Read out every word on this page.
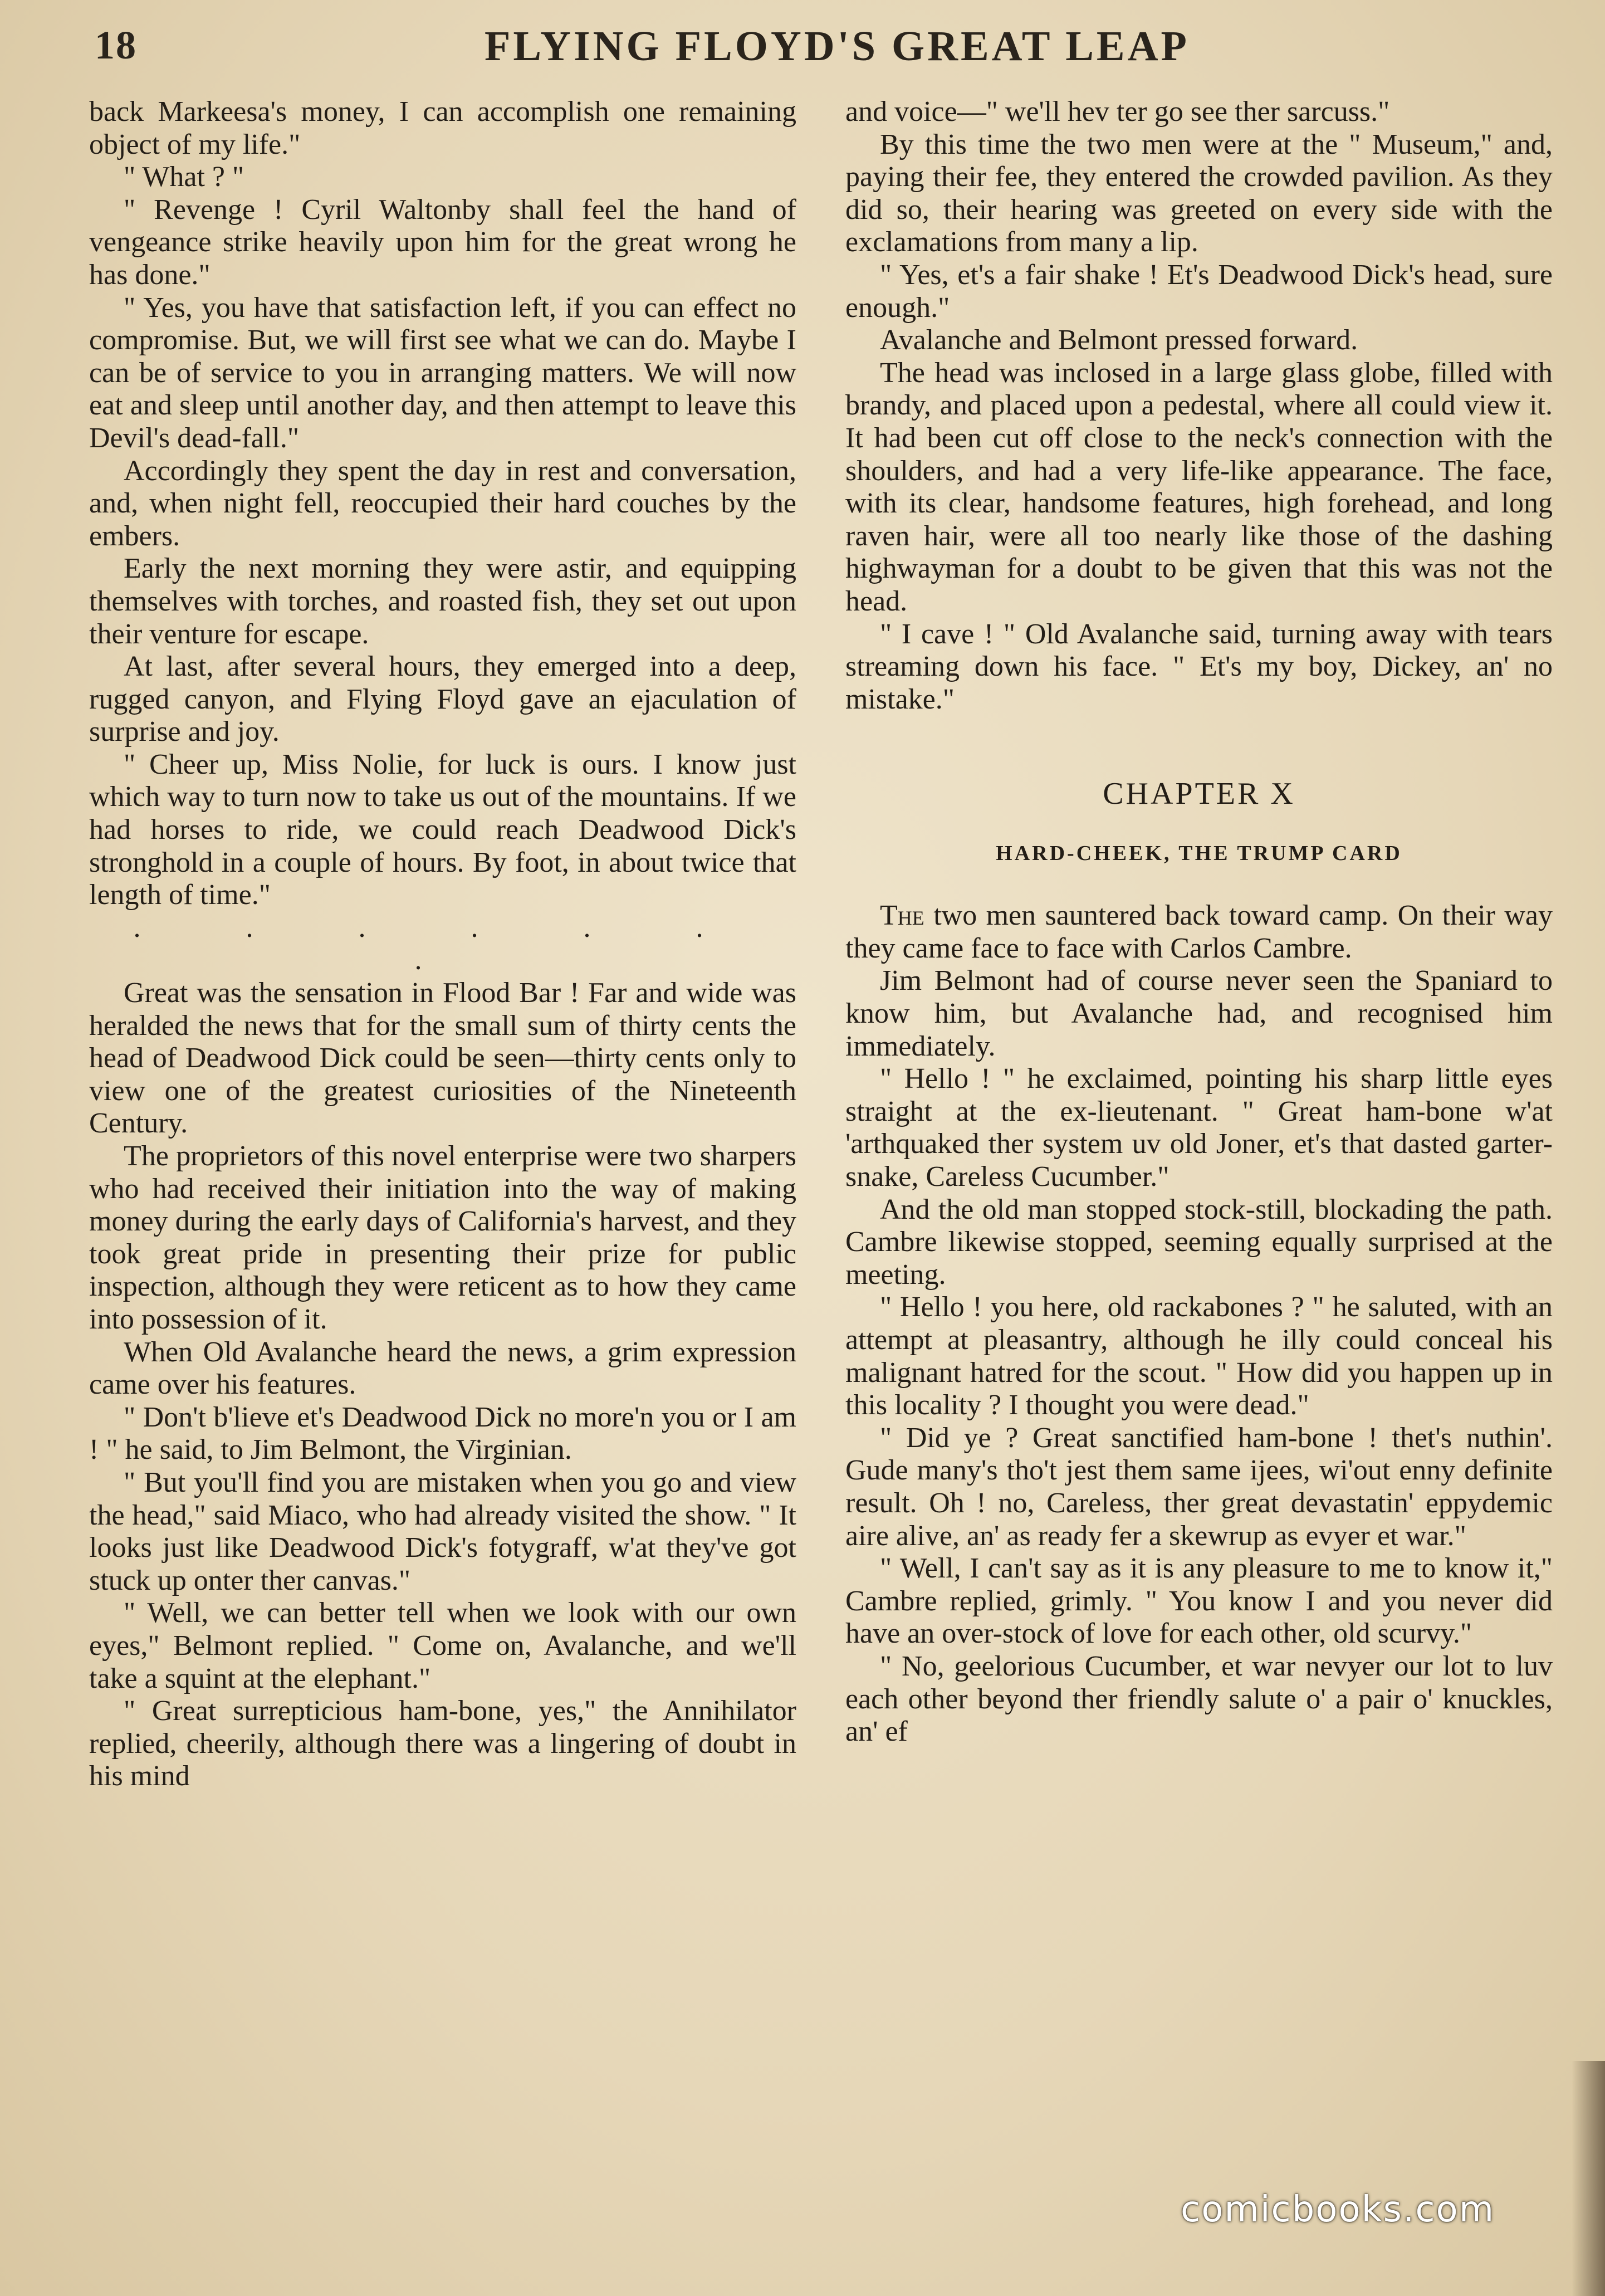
18	FLYING FLOYD'S GREAT LEAP

back Markeesa's money, I can accomplish one remaining object of my life."

" What ? "

" Revenge ! Cyril Waltonby shall feel the hand of vengeance strike heavily upon him for the great wrong he has done."

" Yes, you have that satisfaction left, if you can effect no compromise. But, we will first see what we can do. Maybe I can be of service to you in arranging matters. We will now eat and sleep until another day, and then attempt to leave this Devil's dead-fall."

Accordingly they spent the day in rest and conversation, and, when night fell, reoccupied their hard couches by the embers.

Early the next morning they were astir, and equipping themselves with torches, and roasted fish, they set out upon their venture for escape.

At last, after several hours, they emerged into a deep, rugged canyon, and Flying Floyd gave an ejaculation of surprise and joy.

" Cheer up, Miss Nolie, for luck is ours. I know just which way to turn now to take us out of the mountains. If we had horses to ride, we could reach Deadwood Dick's stronghold in a couple of hours. By foot, in about twice that length of time."

. . . . . . .

Great was the sensation in Flood Bar ! Far and wide was heralded the news that for the small sum of thirty cents the head of Deadwood Dick could be seen—thirty cents only to view one of the greatest curiosities of the Nineteenth Century.

The proprietors of this novel enterprise were two sharpers who had received their initiation into the way of making money during the early days of California's harvest, and they took great pride in presenting their prize for public inspection, although they were reticent as to how they came into possession of it.

When Old Avalanche heard the news, a grim expression came over his features.

" Don't b'lieve et's Deadwood Dick no more'n you or I am ! " he said, to Jim Belmont, the Virginian.

" But you'll find you are mistaken when you go and view the head," said Miaco, who had already visited the show. " It looks just like Deadwood Dick's fotygraff, w'at they've got stuck up onter ther canvas."

" Well, we can better tell when we look with our own eyes," Belmont replied. " Come on, Avalanche, and we'll take a squint at the elephant."

" Great surrepticious ham-bone, yes," the Annihilator replied, cheerily, although there was a lingering of doubt in his mind

and voice—" we'll hev ter go see ther sarcuss."

By this time the two men were at the " Museum," and, paying their fee, they entered the crowded pavilion. As they did so, their hearing was greeted on every side with the exclamations from many a lip.

" Yes, et's a fair shake ! Et's Deadwood Dick's head, sure enough."

Avalanche and Belmont pressed forward.

The head was inclosed in a large glass globe, filled with brandy, and placed upon a pedestal, where all could view it. It had been cut off close to the neck's connection with the shoulders, and had a very life-like appearance. The face, with its clear, handsome features, high forehead, and long raven hair, were all too nearly like those of the dashing highwayman for a doubt to be given that this was not the head.

" I cave ! " Old Avalanche said, turning away with tears streaming down his face. " Et's my boy, Dickey, an' no mistake."

CHAPTER X

HARD-CHEEK, THE TRUMP CARD

The two men sauntered back toward camp. On their way they came face to face with Carlos Cambre.

Jim Belmont had of course never seen the Spaniard to know him, but Avalanche had, and recognised him immediately.

" Hello ! " he exclaimed, pointing his sharp little eyes straight at the ex-lieutenant. " Great ham-bone w'at 'arthquaked ther system uv old Joner, et's that dasted garter-snake, Careless Cucumber."

And the old man stopped stock-still, blockading the path. Cambre likewise stopped, seeming equally surprised at the meeting.

" Hello ! you here, old rackabones ? " he saluted, with an attempt at pleasantry, although he illy could conceal his malignant hatred for the scout. " How did you happen up in this locality ? I thought you were dead."

" Did ye ? Great sanctified ham-bone ! thet's nuthin'. Gude many's tho't jest them same ijees, wi'out enny definite result. Oh ! no, Careless, ther great devastatin' eppydemic aire alive, an' as ready fer a skewrup as evyer et war."

" Well, I can't say as it is any pleasure to me to know it," Cambre replied, grimly. " You know I and you never did have an over-stock of love for each other, old scurvy."

" No, geelorious Cucumber, et war nevyer our lot to luv each other beyond ther friendly salute o' a pair o' knuckles, an' ef

comicbooks.com
